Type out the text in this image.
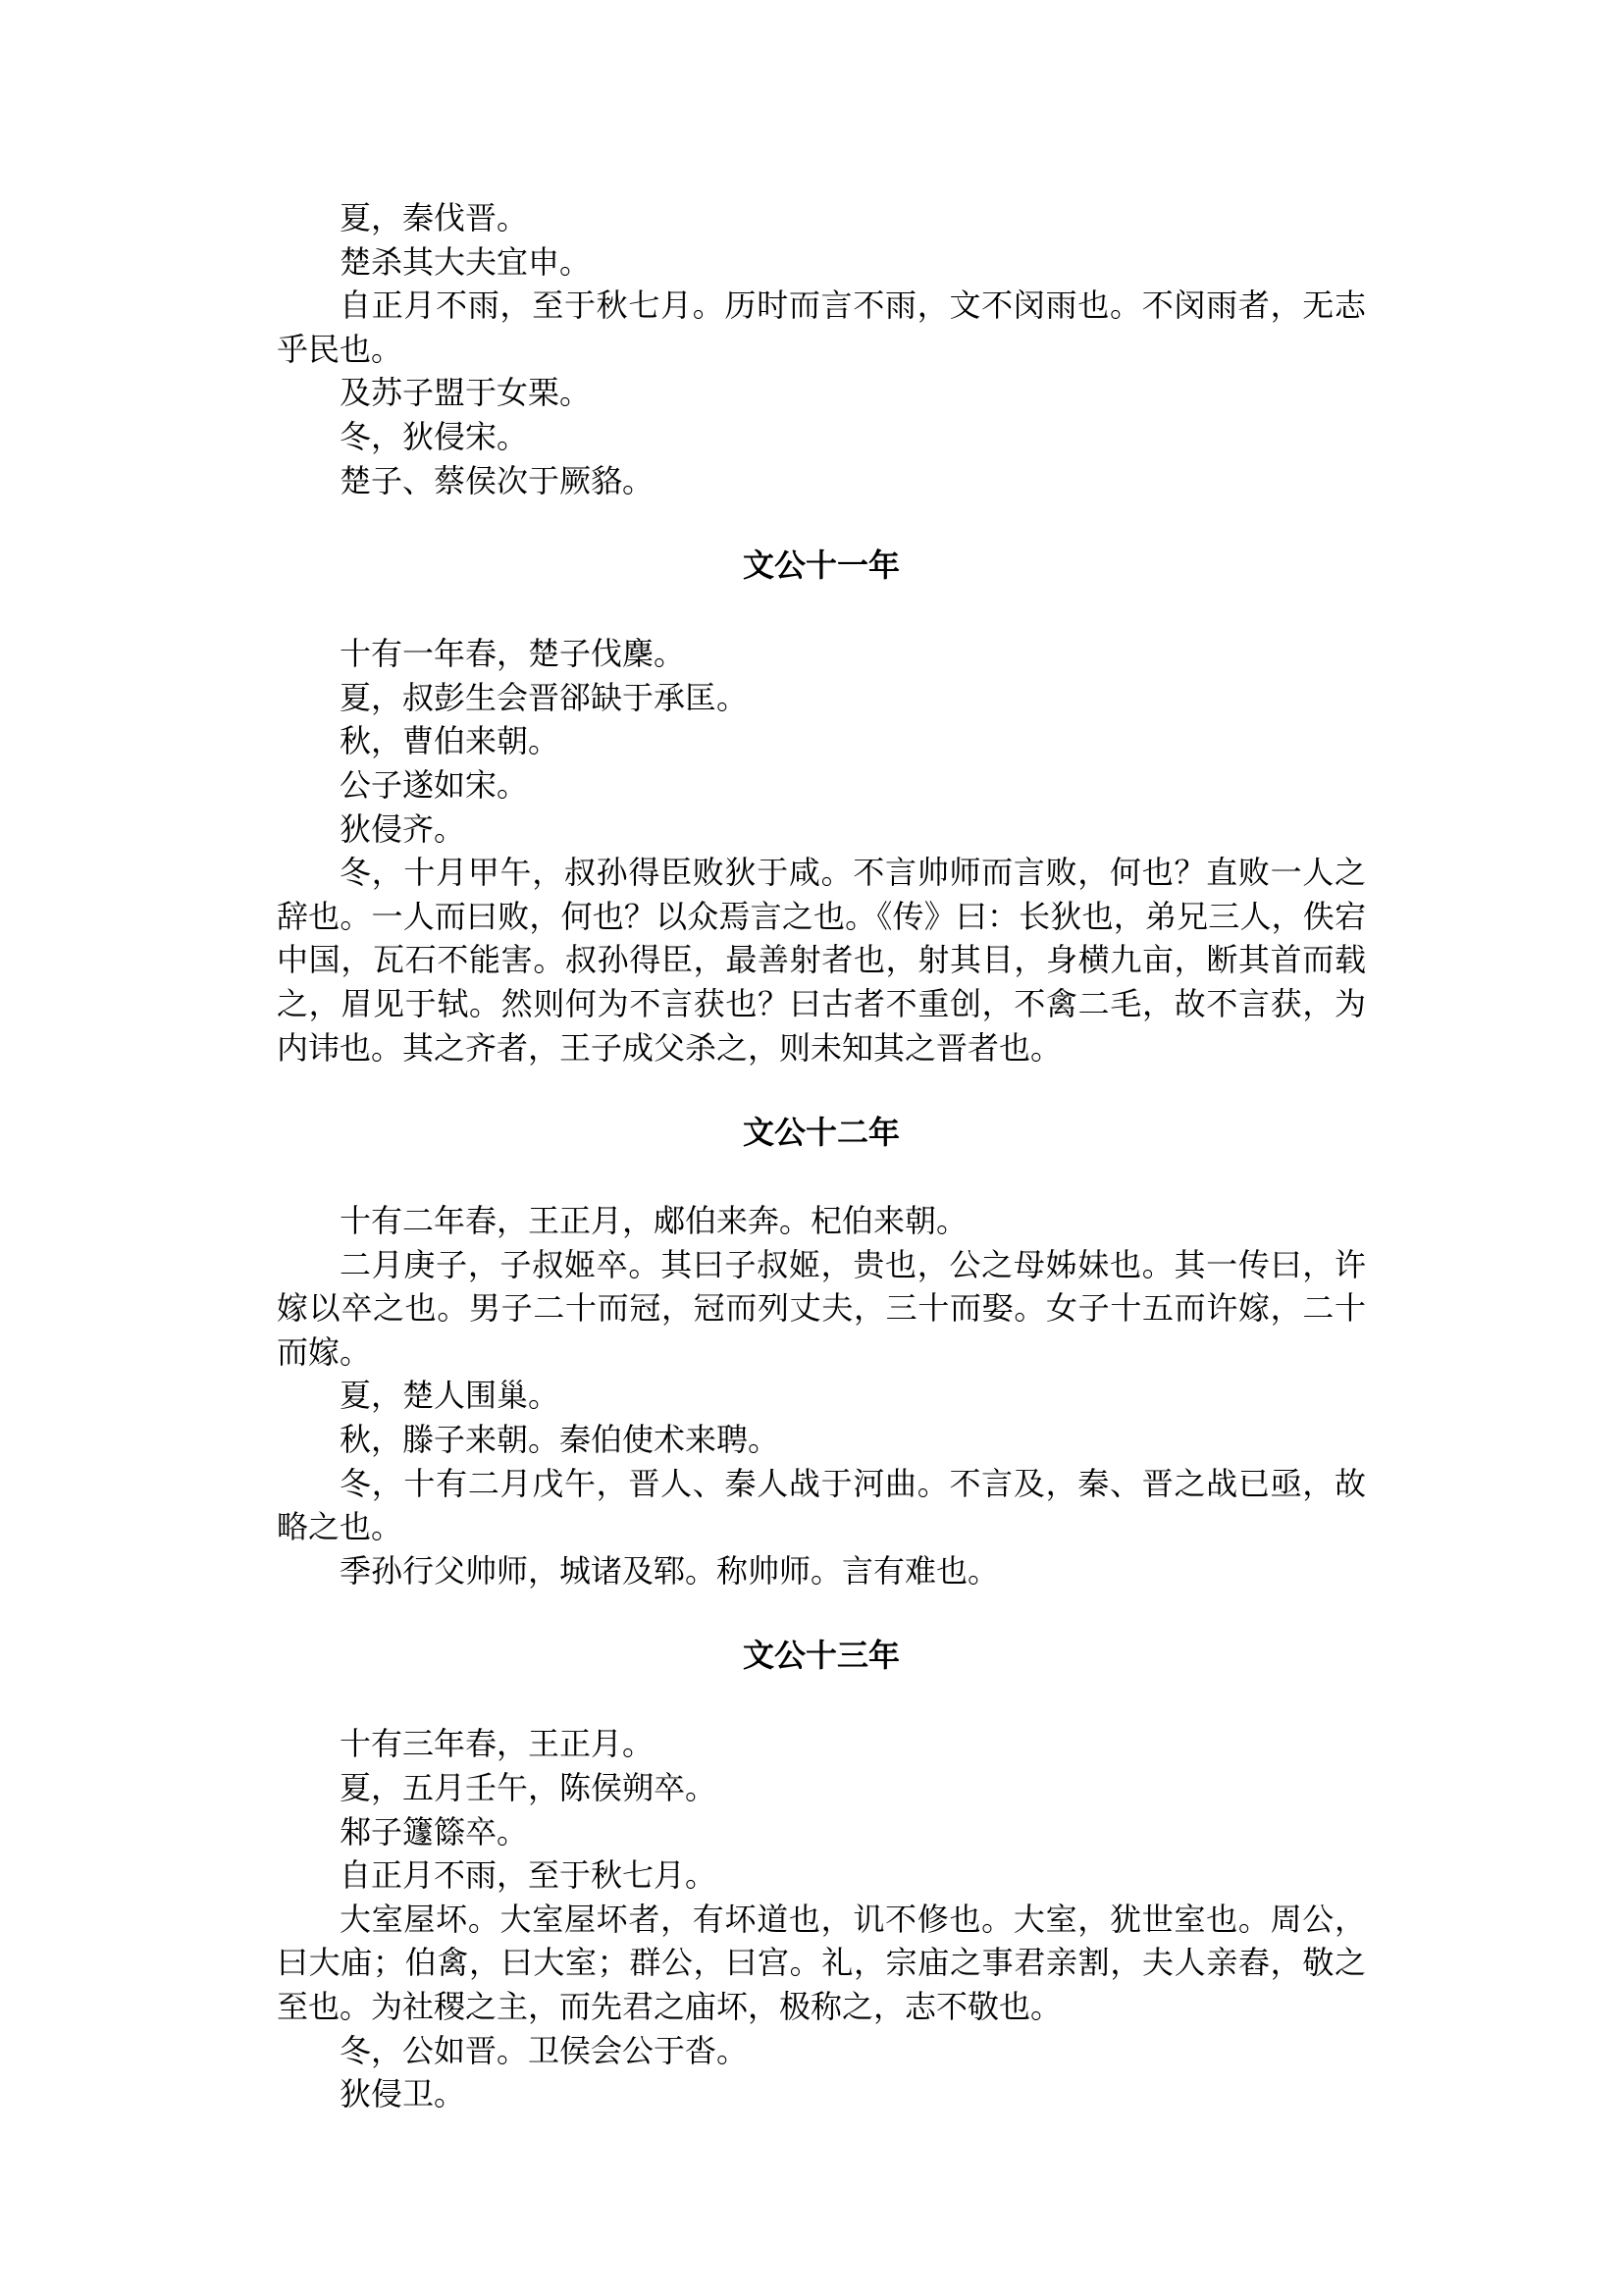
夏，秦伐晋。

楚杀其大夫宜申。

自正月不雨，至于秋七月。历时而言不雨，文不闵雨也。不闵雨者，无志乎民也。

及苏子盟于女栗。

冬，狄侵宋。

楚子、蔡侯次于厥貉。

文公十一年

十有一年春，楚子伐麇。

夏，叔彭生会晋郤缺于承匡。

秋，曹伯来朝。

公子遂如宋。

狄侵齐。

冬，十月甲午，叔孙得臣败狄于咸。不言帅师而言败，何也？直败一人之辞也。一人而曰败，何也？以众焉言之也。《传》曰：长狄也，弟兄三人，佚宕中国，瓦石不能害。叔孙得臣，最善射者也，射其目，身横九亩，断其首而载之，眉见于轼。然则何为不言获也？曰古者不重创，不禽二毛，故不言获，为内讳也。其之齐者，王子成父杀之，则未知其之晋者也。

文公十二年

十有二年春，王正月，郕伯来奔。杞伯来朝。

二月庚子，子叔姬卒。其曰子叔姬，贵也，公之母姊妹也。其一传曰，许嫁以卒之也。男子二十而冠，冠而列丈夫，三十而娶。女子十五而许嫁，二十而嫁。

夏，楚人围巢。

秋，滕子来朝。秦伯使术来聘。

冬，十有二月戊午，晋人、秦人战于河曲。不言及，秦、晋之战已亟，故略之也。

季孙行父帅师，城诸及郓。称帅师。言有难也。

文公十三年

十有三年春，王正月。

夏，五月壬午，陈侯朔卒。

邾子籧篨卒。

自正月不雨，至于秋七月。

大室屋坏。大室屋坏者，有坏道也，讥不修也。大室，犹世室也。周公，曰大庙；伯禽，曰大室；群公，曰宫。礼，宗庙之事君亲割，夫人亲舂，敬之至也。为社稷之主，而先君之庙坏，极称之，志不敬也。

冬，公如晋。卫侯会公于沓。

狄侵卫。
